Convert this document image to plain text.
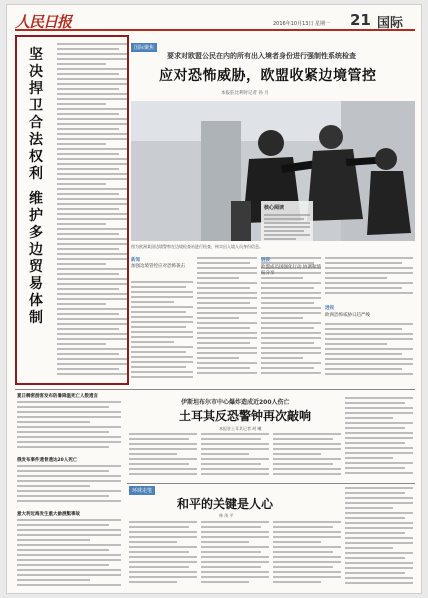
人民日报	2016年10月13日 星期一 21 国际
坚
决
捍
卫
合
法
权
利
维
护
多
边
贸
易
体
制
国际聚焦
要求对欧盟公民在内的所有出入境者身份进行强制性系统检查
应对恐怖威胁，欧盟收紧边境管控
本报驻比利时记者 孙 月
核心阅读
图为欧洲某国边境警察在边境检查站进行检查，核实出入境人员身份信息。
新闻
加强边境管控应对恐怖袭击
链接
欧盟成员国强化行动 协调和情报分享
透视
欧洲恐怖威胁日趋严峻
夏日稠密游客发布防暑降温死亡人数遗言
俄发布事件遗骨遗达20人死亡
意大利近海发生重大偷渡艇事故
伊斯坦布尔市中心爆炸造成近200人伤亡
土耳其反恐警钟再次敲响
本报驻土耳其记者 胡 曦
环球走笔
和平的关键是人心
林 茂 平
